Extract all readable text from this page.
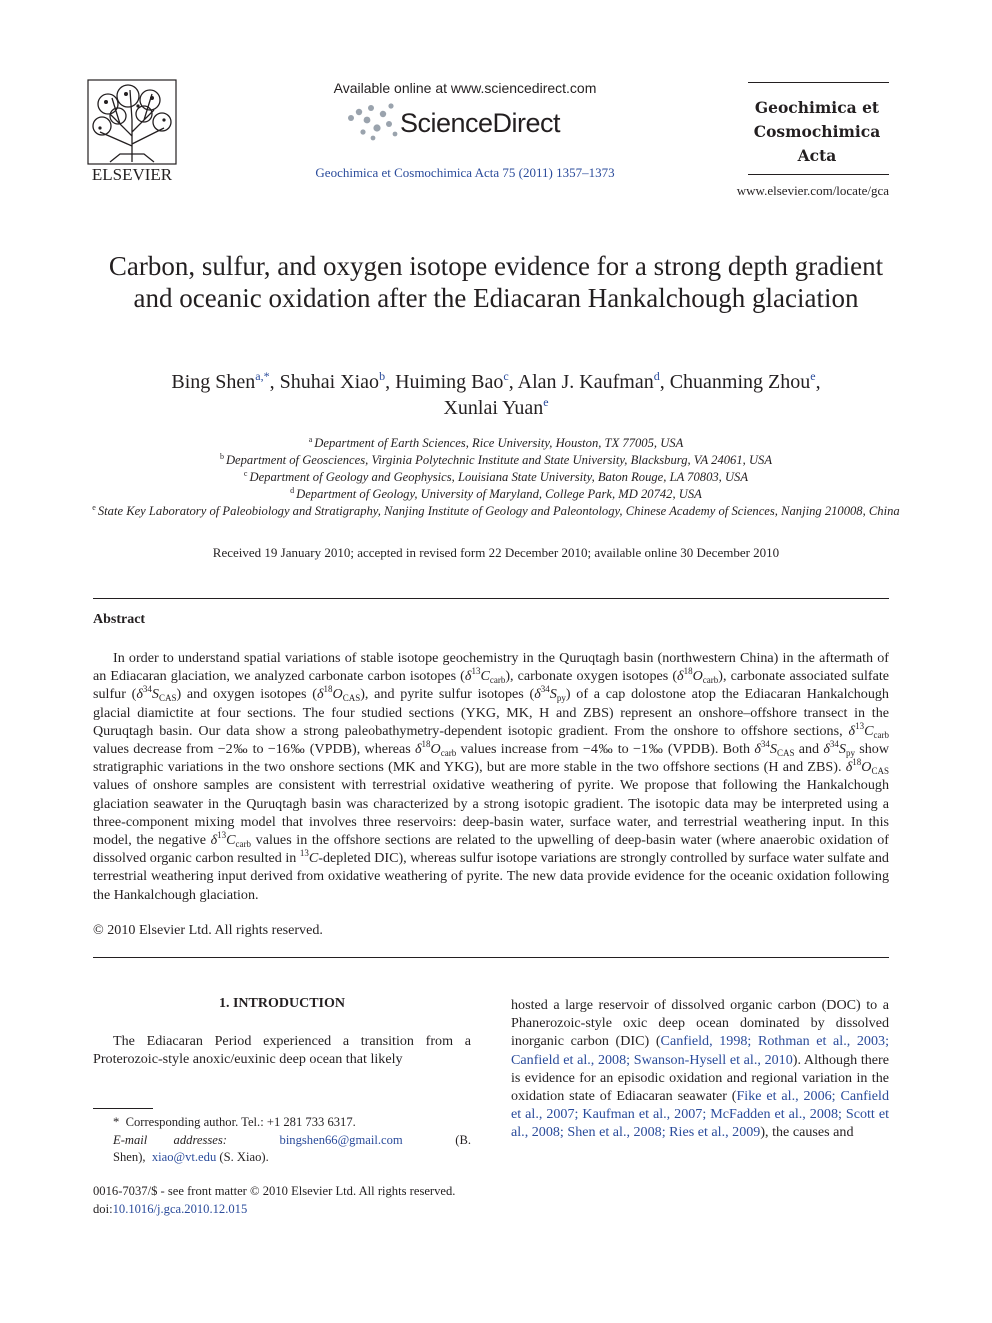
ELSEVIER
Available online at www.sciencedirect.com
ScienceDirect
Geochimica et Cosmochimica Acta 75 (2011) 1357–1373
Geochimica et
Cosmochimica
Acta
www.elsevier.com/locate/gca
Carbon, sulfur, and oxygen isotope evidence for a strong depth gradient and oceanic oxidation after the Ediacaran Hankalchough glaciation
Bing Shen$^{a,*}$, Shuhai Xiao$^b$, Huiming Bao$^c$, Alan J. Kaufman$^d$, Chuanming Zhou$^e$,
Xunlai Yuan$^e$
$^a$ Department of Earth Sciences, Rice University, Houston, TX 77005, USA
$^b$ Department of Geosciences, Virginia Polytechnic Institute and State University, Blacksburg, VA 24061, USA
$^c$ Department of Geology and Geophysics, Louisiana State University, Baton Rouge, LA 70803, USA
$^d$ Department of Geology, University of Maryland, College Park, MD 20742, USA
$^e$ State Key Laboratory of Paleobiology and Stratigraphy, Nanjing Institute of Geology and Paleontology, Chinese Academy of Sciences, Nanjing 210008, China
Received 19 January 2010; accepted in revised form 22 December 2010; available online 30 December 2010
Abstract

In order to understand spatial variations of stable isotope geochemistry in the Quruqtagh basin (northwestern China) in the aftermath of an Ediacaran glaciation, we analyzed carbonate carbon isotopes $(\delta^{13}C_{carb})$, carbonate oxygen isotopes $(\delta^{18}O_{carb})$, carbonate associated sulfate sulfur $(\delta^{34}S_{CAS})$ and oxygen isotopes $(\delta^{18}O_{CAS})$, and pyrite sulfur isotopes $(\delta^{34}S_{py})$ of a cap dolostone atop the Ediacaran Hankalchough glacial diamictite at four sections. The four studied sections (YKG, MK, H and ZBS) represent an onshore–offshore transect in the Quruqtagh basin. Our data show a strong paleobathymetry-dependent isotopic gradient. From the onshore to offshore sections, $\delta^{13}C_{carb}$ values decrease from −2‰ to −16‰ (VPDB), whereas $\delta^{18}O_{carb}$ values increase from −4‰ to −1‰ (VPDB). Both $\delta^{34}S_{CAS}$ and $\delta^{34}S_{py}$ show stratigraphic variations in the two onshore sections (MK and YKG), but are more stable in the two offshore sections (H and ZBS). $\delta^{18}O_{CAS}$ values of onshore samples are consistent with terrestrial oxidative weathering of pyrite. We propose that following the Hankalchough glaciation seawater in the Quruqtagh basin was characterized by a strong isotopic gradient. The isotopic data may be interpreted using a three-component mixing model that involves three reservoirs: deep-basin water, surface water, and terrestrial weathering input. In this model, the negative $\delta^{13}C_{carb}$ values in the offshore sections are related to the upwelling of deep-basin water (where anaerobic oxidation of dissolved organic carbon resulted in $^{13}$C-depleted DIC), whereas sulfur isotope variations are strongly controlled by surface water sulfate and terrestrial weathering input derived from oxidative weathering of pyrite. The new data provide evidence for the oceanic oxidation following the Hankalchough glaciation.

© 2010 Elsevier Ltd. All rights reserved.
1. INTRODUCTION

The Ediacaran Period experienced a transition from a Proterozoic-style anoxic/euxinic deep ocean that likely

hosted a large reservoir of dissolved organic carbon (DOC) to a Phanerozoic-style oxic deep ocean dominated by dissolved inorganic carbon (DIC) (Canfield, 1998; Rothman et al., 2003; Canfield et al., 2008; Swanson-Hysell et al., 2010). Although there is evidence for an episodic oxidation and regional variation in the oxidation state of Ediacaran seawater (Fike et al., 2006; Canfield et al., 2007; Kaufman et al., 2007; McFadden et al., 2008; Scott et al., 2008; Shen et al., 2008; Ries et al., 2009), the causes and

*  Corresponding author. Tel.: +1 281 733 6317.
E-mail addresses:	bingshen66@gmail.com	(B. Shen), xiao@vt.edu (S. Xiao).
0016-7037/$ - see front matter © 2010 Elsevier Ltd. All rights reserved.
doi:10.1016/j.gca.2010.12.015
